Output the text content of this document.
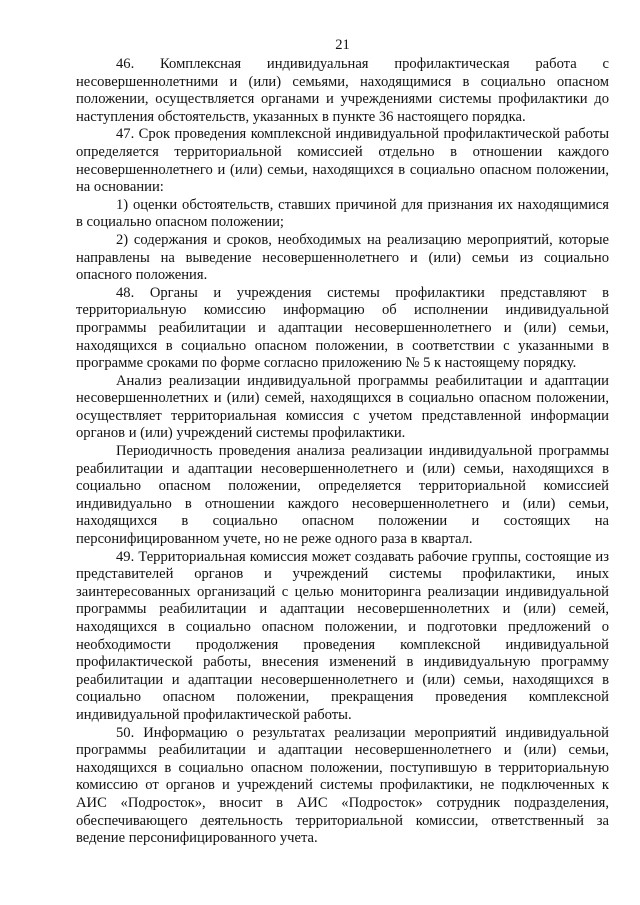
21

46. Комплексная индивидуальная профилактическая работа с несовершеннолетними и (или) семьями, находящимися в социально опасном положении, осуществляется органами и учреждениями системы профилактики до наступления обстоятельств, указанных в пункте 36 настоящего порядка.

47. Срок проведения комплексной индивидуальной профилактической работы определяется территориальной комиссией отдельно в отношении каждого несовершеннолетнего и (или) семьи, находящихся в социально опасном положении, на основании:

1) оценки обстоятельств, ставших причиной для признания их находящимися в социально опасном положении;

2) содержания и сроков, необходимых на реализацию мероприятий, которые направлены на выведение несовершеннолетнего и (или) семьи из социально опасного положения.

48. Органы и учреждения системы профилактики представляют в территориальную комиссию информацию об исполнении индивидуальной программы реабилитации и адаптации несовершеннолетнего и (или) семьи, находящихся в социально опасном положении, в соответствии с указанными в программе сроками по форме согласно приложению № 5 к настоящему порядку.

Анализ реализации индивидуальной программы реабилитации и адаптации несовершеннолетних и (или) семей, находящихся в социально опасном положении, осуществляет территориальная комиссия с учетом представленной информации органов и (или) учреждений системы профилактики.

Периодичность проведения анализа реализации индивидуальной программы реабилитации и адаптации несовершеннолетнего и (или) семьи, находящихся в социально опасном положении, определяется территориальной комиссией индивидуально в отношении каждого несовершеннолетнего и (или) семьи, находящихся в социально опасном положении и состоящих на персонифицированном учете, но не реже одного раза в квартал.

49. Территориальная комиссия может создавать рабочие группы, состоящие из представителей органов и учреждений системы профилактики, иных заинтересованных организаций с целью мониторинга реализации индивидуальной программы реабилитации и адаптации несовершеннолетних и (или) семей, находящихся в социально опасном положении, и подготовки предложений о необходимости продолжения проведения комплексной индивидуальной профилактической работы, внесения изменений в индивидуальную программу реабилитации и адаптации несовершеннолетнего и (или) семьи, находящихся в социально опасном положении, прекращения проведения комплексной индивидуальной профилактической работы.

50. Информацию о результатах реализации мероприятий индивидуальной программы реабилитации и адаптации несовершеннолетнего и (или) семьи, находящихся в социально опасном положении, поступившую в территориальную комиссию от органов и учреждений системы профилактики, не подключенных к АИС «Подросток», вносит в АИС «Подросток» сотрудник подразделения, обеспечивающего деятельность территориальной комиссии, ответственный за ведение персонифицированного учета.
